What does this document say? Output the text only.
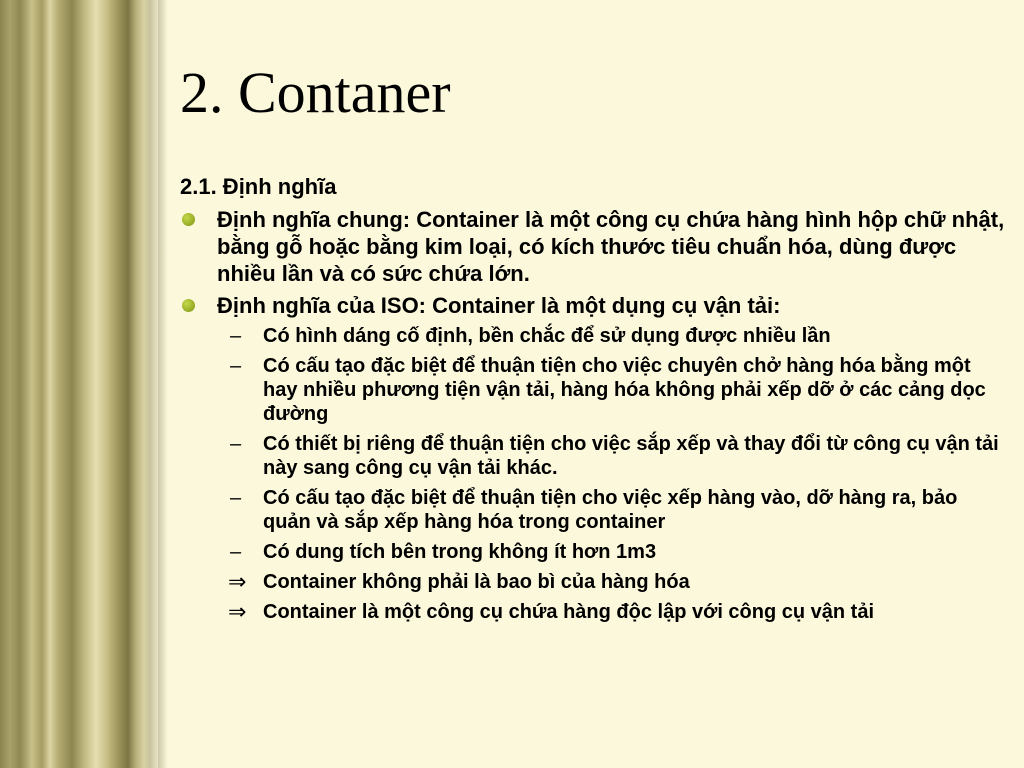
2. Contaner
2.1. Định nghĩa
Định nghĩa chung: Container là một công cụ chứa hàng hình hộp chữ nhật, bằng gỗ hoặc bằng kim loại, có kích thước tiêu chuẩn hóa, dùng được nhiều lần và có sức chứa lớn.
Định nghĩa của ISO: Container là một dụng cụ vận tải:
– Có hình dáng cố định, bền chắc để sử dụng được nhiều lần
– Có cấu tạo đặc biệt để thuận tiện cho việc chuyên chở hàng hóa bằng một hay nhiều phương tiện vận tải, hàng hóa không phải xếp dỡ ở các cảng dọc đường
– Có thiết bị riêng để thuận tiện cho việc sắp xếp và thay đổi từ công cụ vận tải này sang công cụ vận tải khác.
– Có cấu tạo đặc biệt để thuận tiện cho việc xếp hàng vào, dỡ hàng ra, bảo quản và sắp xếp hàng hóa trong container
– Có dung tích bên trong không ít hơn 1m3
⇒ Container không phải là bao bì của hàng hóa
⇒ Container là một công cụ chứa hàng độc lập với công cụ vận tải
